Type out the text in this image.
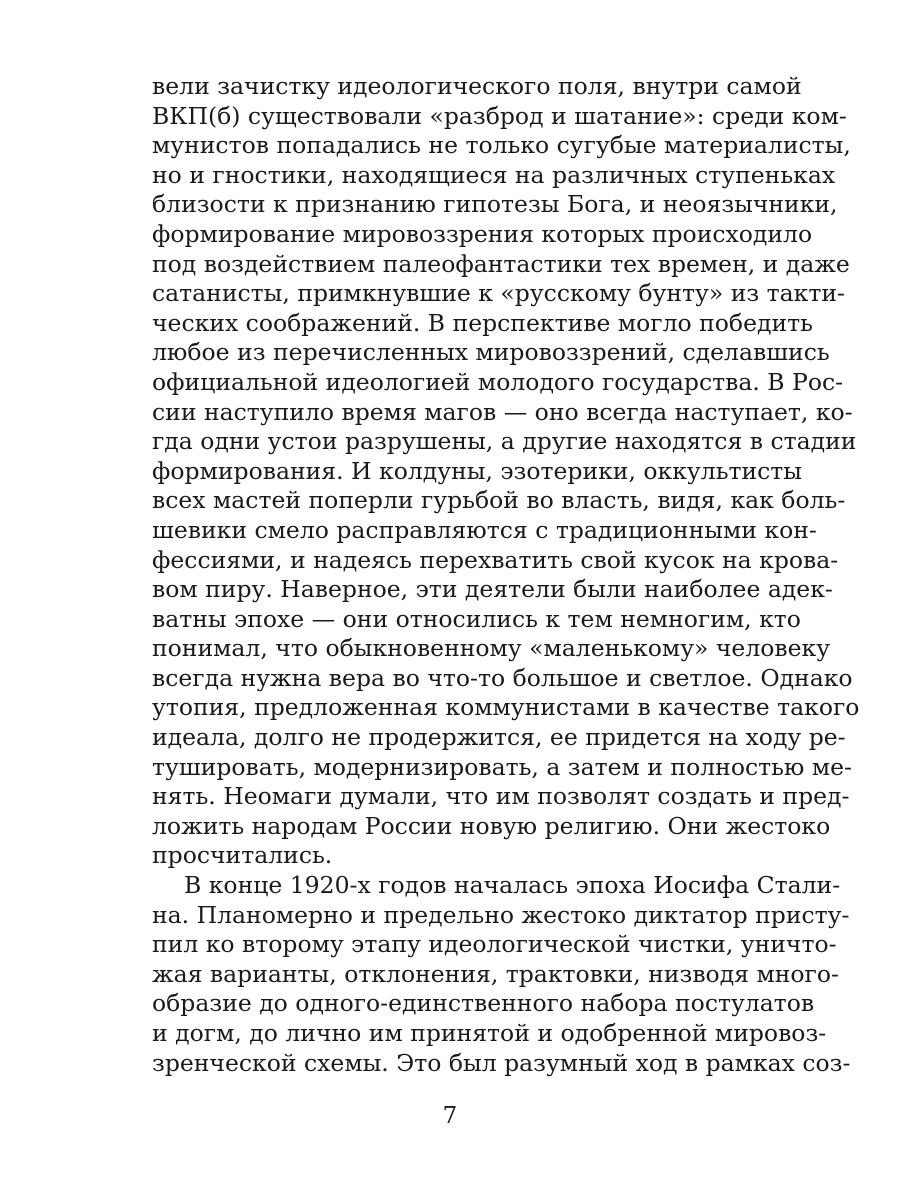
вели зачистку идеологического поля, внутри самой
ВКП(б) существовали «разброд и шатание»: среди ком-
мунистов попадались не только сугубые материалисты,
но и гностики, находящиеся на различных ступеньках
близости к признанию гипотезы Бога, и неоязычники,
формирование мировоззрения которых происходило
под воздействием палеофантастики тех времен, и даже
сатанисты, примкнувшие к «русскому бунту» из такти-
ческих соображений. В перспективе могло победить
любое из перечисленных мировоззрений, сделавшись
официальной идеологией молодого государства. В Рос-
сии наступило время магов — оно всегда наступает, ко-
гда одни устои разрушены, а другие находятся в стадии
формирования. И колдуны, эзотерики, оккультисты
всех мастей поперли гурьбой во власть, видя, как боль-
шевики смело расправляются с традиционными кон-
фессиями, и надеясь перехватить свой кусок на крова-
вом пиру. Наверное, эти деятели были наиболее адек-
ватны эпохе — они относились к тем немногим, кто
понимал, что обыкновенному «маленькому» человеку
всегда нужна вера во что-то большое и светлое. Однако
утопия, предложенная коммунистами в качестве такого
идеала, долго не продержится, ее придется на ходу ре-
тушировать, модернизировать, а затем и полностью ме-
нять. Неомаги думали, что им позволят создать и пред-
ложить народам России новую религию. Они жестоко
просчитались.
В конце 1920-х годов началась эпоха Иосифа Стали-
на. Планомерно и предельно жестоко диктатор присту-
пил ко второму этапу идеологической чистки, уничто-
жая варианты, отклонения, трактовки, низводя много-
образие до одного-единственного набора постулатов
и догм, до лично им принятой и одобренной мировоз-
зренческой схемы. Это был разумный ход в рамках соз-
7
